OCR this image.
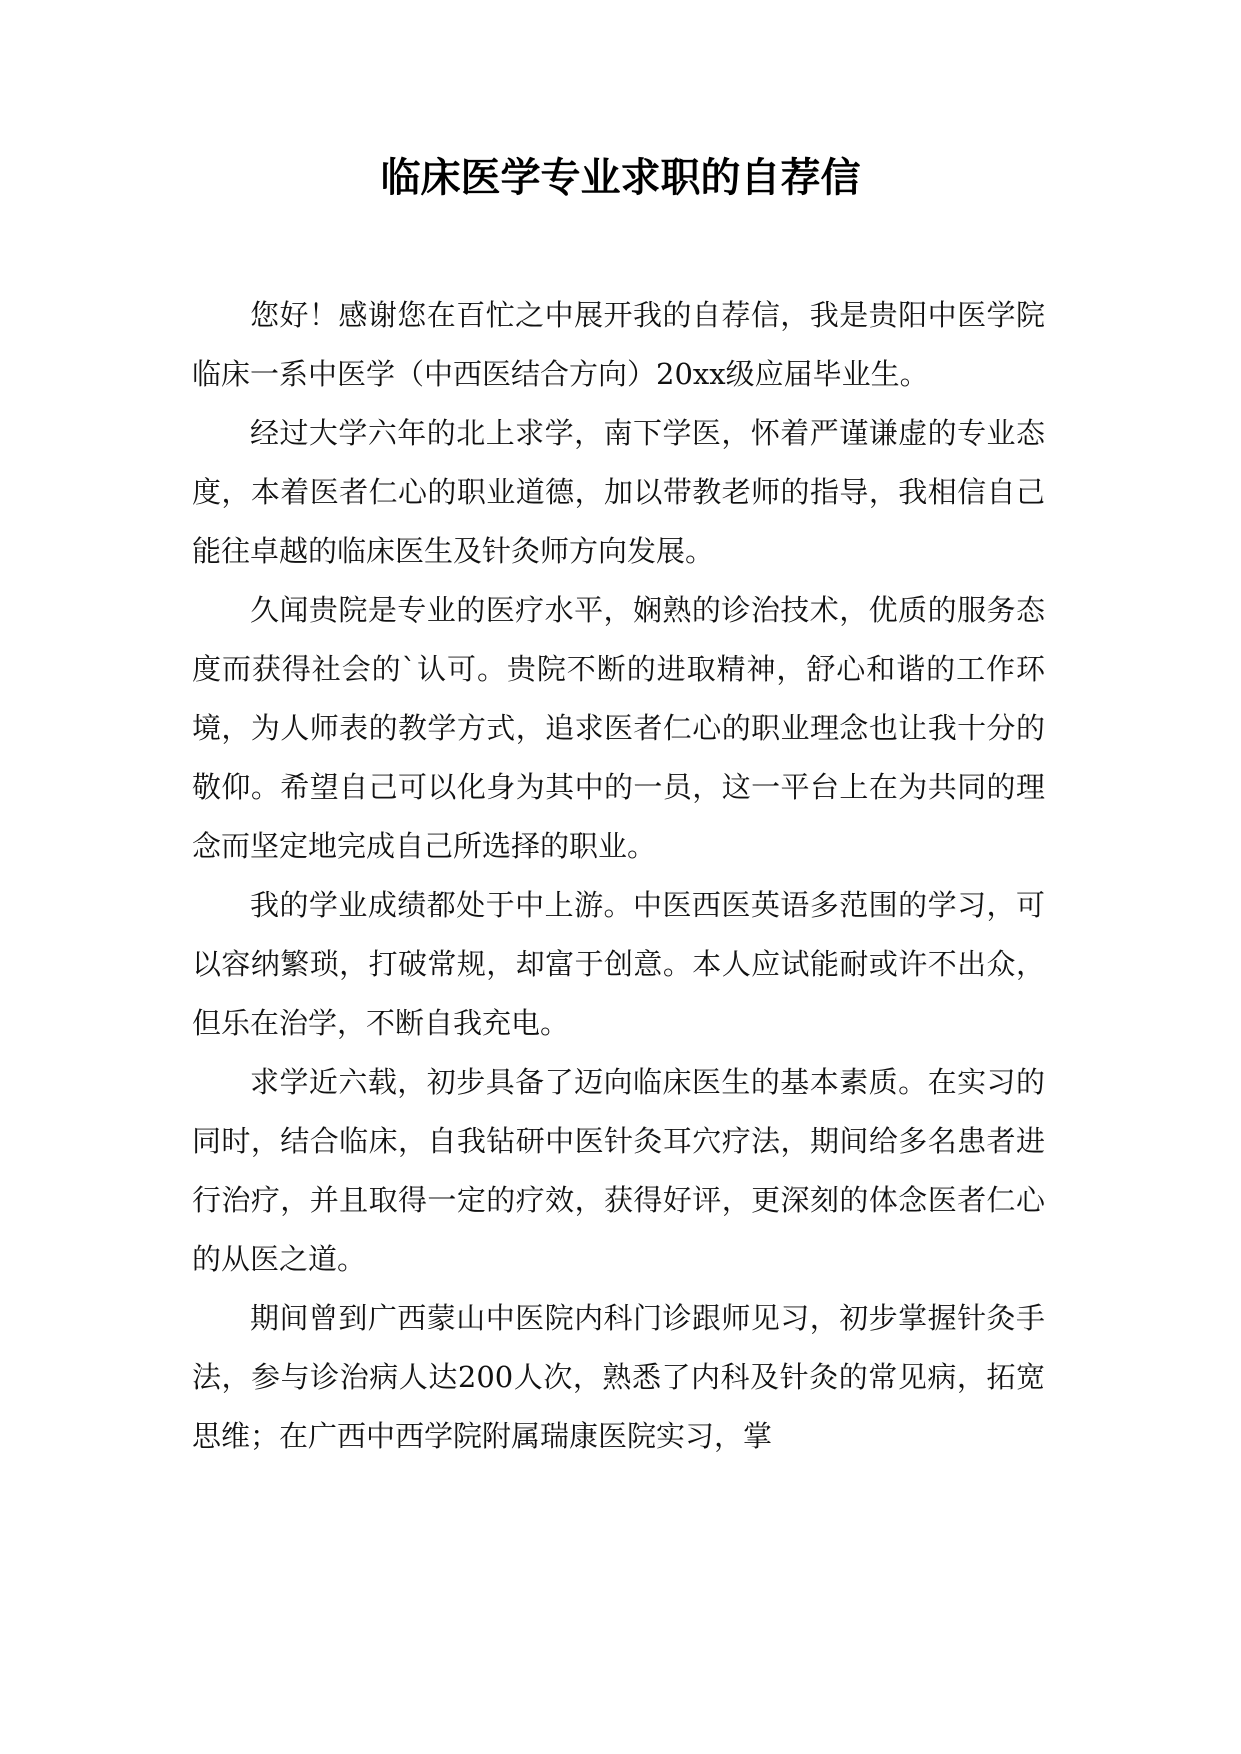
临床医学专业求职的自荐信

您好！感谢您在百忙之中展开我的自荐信，我是贵阳中医学院临床一系中医学（中西医结合方向）20xx级应届毕业生。

经过大学六年的北上求学，南下学医，怀着严谨谦虚的专业态度，本着医者仁心的职业道德，加以带教老师的指导，我相信自己能往卓越的临床医生及针灸师方向发展。

久闻贵院是专业的医疗水平，娴熟的诊治技术，优质的服务态度而获得社会的`认可。贵院不断的进取精神，舒心和谐的工作环境，为人师表的教学方式，追求医者仁心的职业理念也让我十分的敬仰。希望自己可以化身为其中的一员，这一平台上在为共同的理念而坚定地完成自己所选择的职业。

我的学业成绩都处于中上游。中医西医英语多范围的学习，可以容纳繁琐，打破常规，却富于创意。本人应试能耐或许不出众，但乐在治学，不断自我充电。

求学近六载，初步具备了迈向临床医生的基本素质。在实习的同时，结合临床，自我钻研中医针灸耳穴疗法，期间给多名患者进行治疗，并且取得一定的疗效，获得好评，更深刻的体念医者仁心的从医之道。

期间曾到广西蒙山中医院内科门诊跟师见习，初步掌握针灸手法，参与诊治病人达200人次，熟悉了内科及针灸的常见病，拓宽思维；在广西中西学院附属瑞康医院实习，掌
